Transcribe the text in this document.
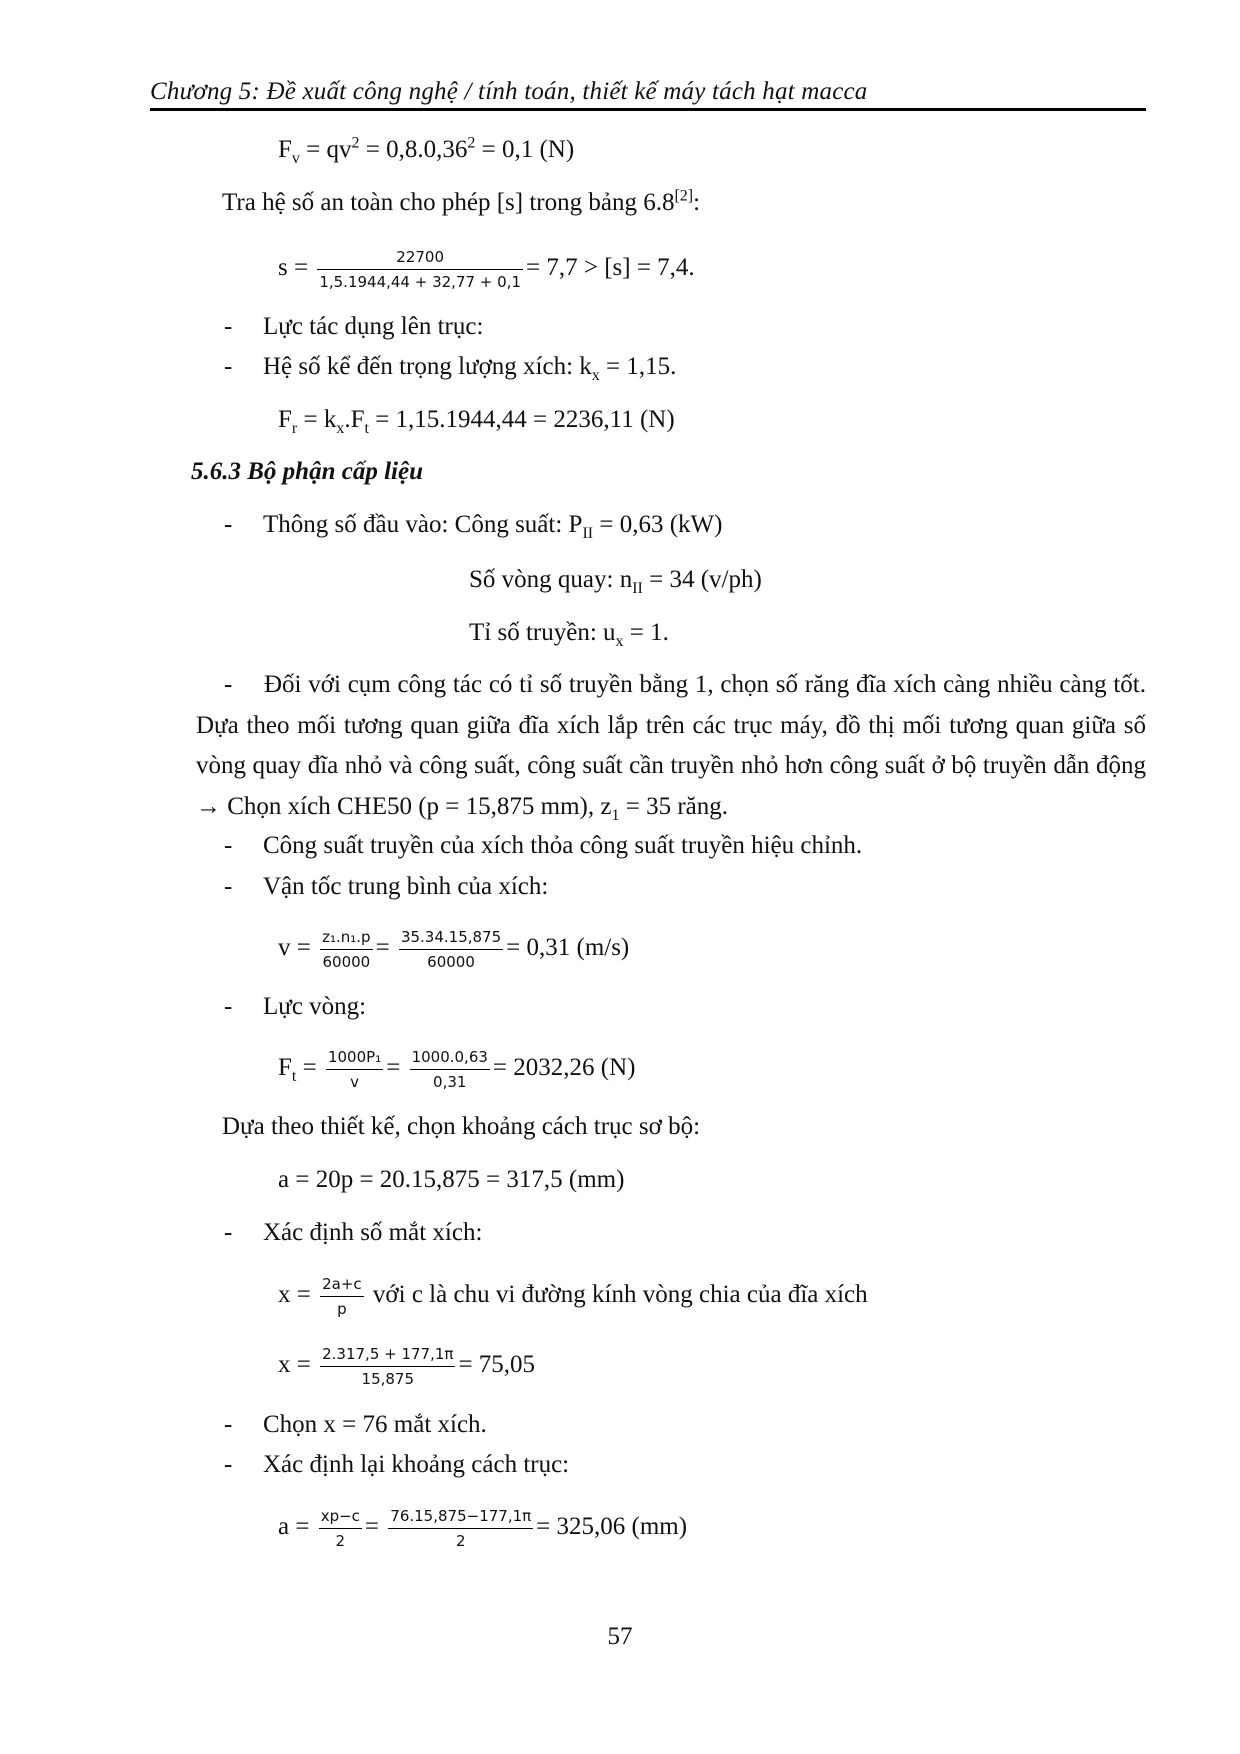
Chương 5: Đề xuất công nghệ / tính toán, thiết kế máy tách hạt macca
$F_v = qv^2 = 0,8.0,36^2 = 0,1$ (N)
Tra hệ số an toàn cho phép [s] trong bảng 6.8[2]:
$s = \frac{22700}{1,5.1944,44 + 32,77 + 0,1} = 7,7 > [s] = 7,4$.
- Lực tác dụng lên trục:
- Hệ số kể đến trọng lượng xích: $k_x = 1,15$.
$F_r = k_x.F_t = 1,15.1944,44 = 2236,11$ (N)
5.6.3 Bộ phận cấp liệu
- Thông số đầu vào: Công suất: $P_{II} = 0,63$ (kW)
Số vòng quay: $n_{II} = 34$ (v/ph)
Tỉ số truyền: $u_x = 1$.
-	Đối với cụm công tác có tỉ số truyền bằng 1, chọn số răng đĩa xích càng nhiều càng tốt. Dựa theo mối tương quan giữa đĩa xích lắp trên các trục máy, đồ thị mối tương quan giữa số vòng quay đĩa nhỏ và công suất, công suất cần truyền nhỏ hơn công suất ở bộ truyền dẫn động → Chọn xích CHE50 (p = 15,875 mm), $z_1 = 35$ răng.
- Công suất truyền của xích thỏa công suất truyền hiệu chỉnh.
- Vận tốc trung bình của xích:
$v = \frac{\text{z₁.n₁.p}}{60000} = \frac{35.34.15,875}{60000} = 0,31$ (m/s)
- Lực vòng:
$F_t = \frac{\text{1000P₁}}{v} = \frac{1000.0,63}{0,31} = 2032,26$ (N)
Dựa theo thiết kế, chọn khoảng cách trục sơ bộ:
a = 20p = 20.15,875 = 317,5 (mm)
- Xác định số mắt xích:
$x = \frac{2a+c}{p}$ với c là chu vi đường kính vòng chia của đĩa xích
$x = \frac{2.317,5 + 177,1\pi}{15,875} = 75,05$
- Chọn x = 76 mắt xích.
- Xác định lại khoảng cách trục:
$a = \frac{xp-c}{2} = \frac{76.15,875-177,1\pi}{2} = 325,06$ (mm)
57
